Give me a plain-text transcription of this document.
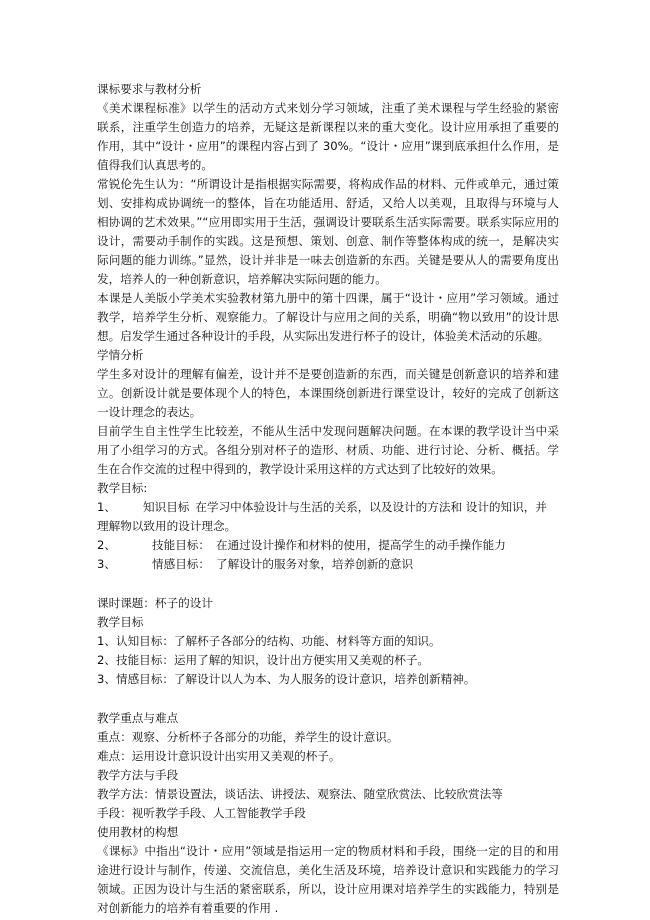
课标要求与教材分析

《美术课程标准》以学生的活动方式来划分学习领域，注重了美术课程与学生经验的紧密联系，注重学生创造力的培养，无疑这是新课程以来的重大变化。设计应用承担了重要的作用，其中“设计・应用”的课程内容占到了 30%。“设计・应用”课到底承担什么作用，是值得我们认真思考的。

常锐伦先生认为：“所谓设计是指根据实际需要，将构成作品的材料、元件或单元，通过策划、安排构成协调统一的整体，旨在功能适用、舒适，又给人以美观，且取得与环境与人相协调的艺术效果。”“应用即实用于生活，强调设计要联系生活实际需要。联系实际应用的设计，需要动手制作的实践。这是预想、策划、创意、制作等整体构成的统一，是解决实际问题的能力训练。”显然，设计并非是一味去创造新的东西。关键是要从人的需要角度出发，培养人的一种创新意识，培养解决实际问题的能力。

本课是人美版小学美术实验教材第九册中的第十四课，属于“设计・应用”学习领域。通过教学，培养学生分析、观察能力。了解设计与应用之间的关系，明确“物以致用”的设计思想。启发学生通过各种设计的手段，从实际出发进行杯子的设计，体验美术活动的乐趣。

学情分析

学生多对设计的理解有偏差，设计并不是要创造新的东西，而关键是创新意识的培养和建立。创新设计就是要体现个人的特色，本课围绕创新进行课堂设计，较好的完成了创新这一设计理念的表达。

目前学生自主性学生比较差，不能从生活中发现问题解决问题。在本课的教学设计当中采用了小组学习的方式。各组分别对杯子的造形、材质、功能、进行讨论、分析、概括。学生在合作交流的过程中得到的，教学设计采用这样的方式达到了比较好的效果。

教学目标:

1、	知识目标 在学习中体验设计与生活的关系，以及设计的方法和 设计的知识，并

理解物以致用的设计理念。

2、	技能目标： 在通过设计操作和材料的使用，提高学生的动手操作能力
3、	情感目标： 了解设计的服务对象，培养创新的意识

课时课题：杯子的设计

教学目标

1、认知目标：了解杯子各部分的结构、功能、材料等方面的知识。

2、技能目标：运用了解的知识，设计出方便实用又美观的杯子。

3、情感目标：了解设计以人为本、为人服务的设计意识，培养创新精神。

教学重点与难点

重点：观察、分析杯子各部分的功能，养学生的设计意识。

难点：运用设计意识设计出实用又美观的杯子。

教学方法与手段

教学方法：情景设置法，谈话法、讲授法、观察法、随堂欣赏法、比较欣赏法等

手段：视听教学手段、人工智能教学手段

使用教材的构想

《课标》中指出“设计・应用”领域是指运用一定的物质材料和手段，围绕一定的目的和用途进行设计与制作，传递、交流信息，美化生活及环境，培养设计意识和实践能力的学习领域。正因为设计与生活的紧密联系，所以，设计应用课对培养学生的实践能力，特别是对创新能力的培养有着重要的作用 .
